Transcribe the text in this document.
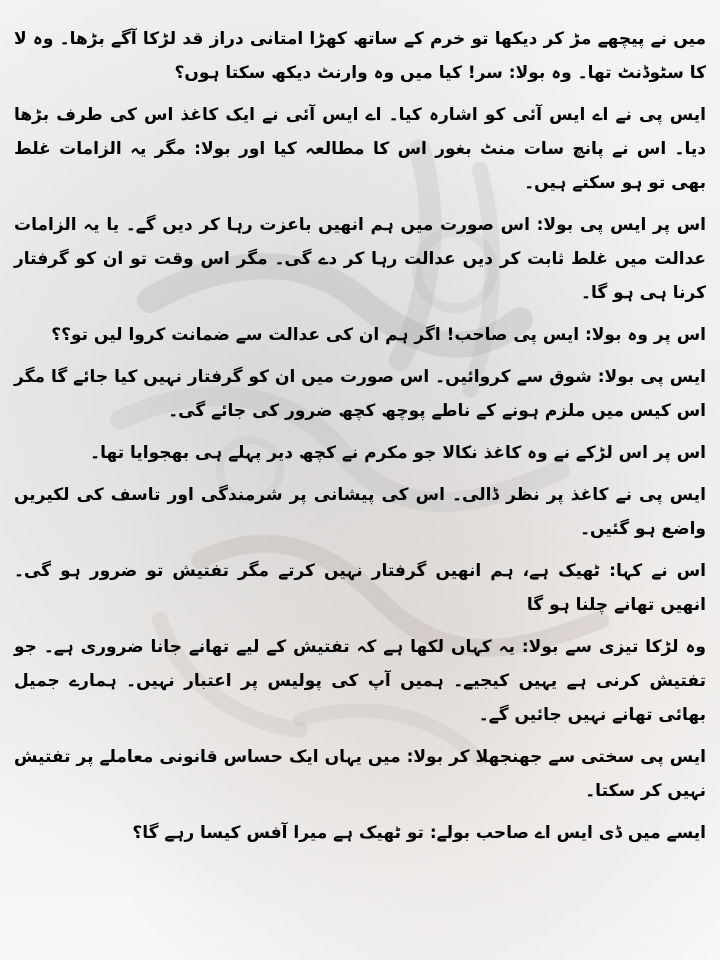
میں نے پیچھے مڑ کر دیکھا تو خرم کے ساتھ کھڑا امتانی دراز قد لڑکا آگے بڑھا۔ وہ لا کا سٹوڈنٹ تھا۔ وہ بولا: سر! کیا میں وہ وارنٹ دیکھ سکتا ہوں؟

ایس پی نے اے ایس آئی کو اشارہ کیا۔ اے ایس آئی نے ایک کاغذ اس کی طرف بڑھا دیا۔ اس نے پانچ سات منٹ بغور اس کا مطالعہ کیا اور بولا: مگر یہ الزامات غلط بھی تو ہو سکتے ہیں۔

اس پر ایس پی بولا: اس صورت میں ہم انھیں باعزت رہا کر دیں گے۔ یا یہ الزامات عدالت میں غلط ثابت کر دیں عدالت رہا کر دے گی۔ مگر اس وقت تو ان کو گرفتار کرنا ہی ہو گا۔

اس پر وہ بولا: ایس پی صاحب! اگر ہم ان کی عدالت سے ضمانت کروا لیں تو؟؟

ایس پی بولا: شوق سے کروائیں۔ اس صورت میں ان کو گرفتار نہیں کیا جائے گا مگر اس کیس میں ملزم ہونے کے ناطے پوچھ کچھ ضرور کی جائے گی۔

اس پر اس لڑکے نے وہ کاغذ نکالا جو مکرم نے کچھ دیر پہلے ہی بھجوایا تھا۔

ایس پی نے کاغذ پر نظر ڈالی۔ اس کی پیشانی پر شرمندگی اور تاسف کی لکیریں واضع ہو گئیں۔

اس نے کہا: ٹھیک ہے، ہم انھیں گرفتار نہیں کرتے مگر تفتیش تو ضرور ہو گی۔ انھیں تھانے چلنا ہو گا

وہ لڑکا تیزی سے بولا: یہ کہاں لکھا ہے کہ تفتیش کے لیے تھانے جانا ضروری ہے۔ جو تفتیش کرنی ہے یہیں کیجیے۔ ہمیں آپ کی پولیس پر اعتبار نہیں۔ ہمارے جمیل بھائی تھانے نہیں جائیں گے۔

ایس پی سختی سے جھنجھلا کر بولا: میں یہاں ایک حساس قانونی معاملے پر تفتیش نہیں کر سکتا۔

ایسے میں ڈی ایس اے صاحب بولے: تو ٹھیک ہے میرا آفس کیسا رہے گا؟
